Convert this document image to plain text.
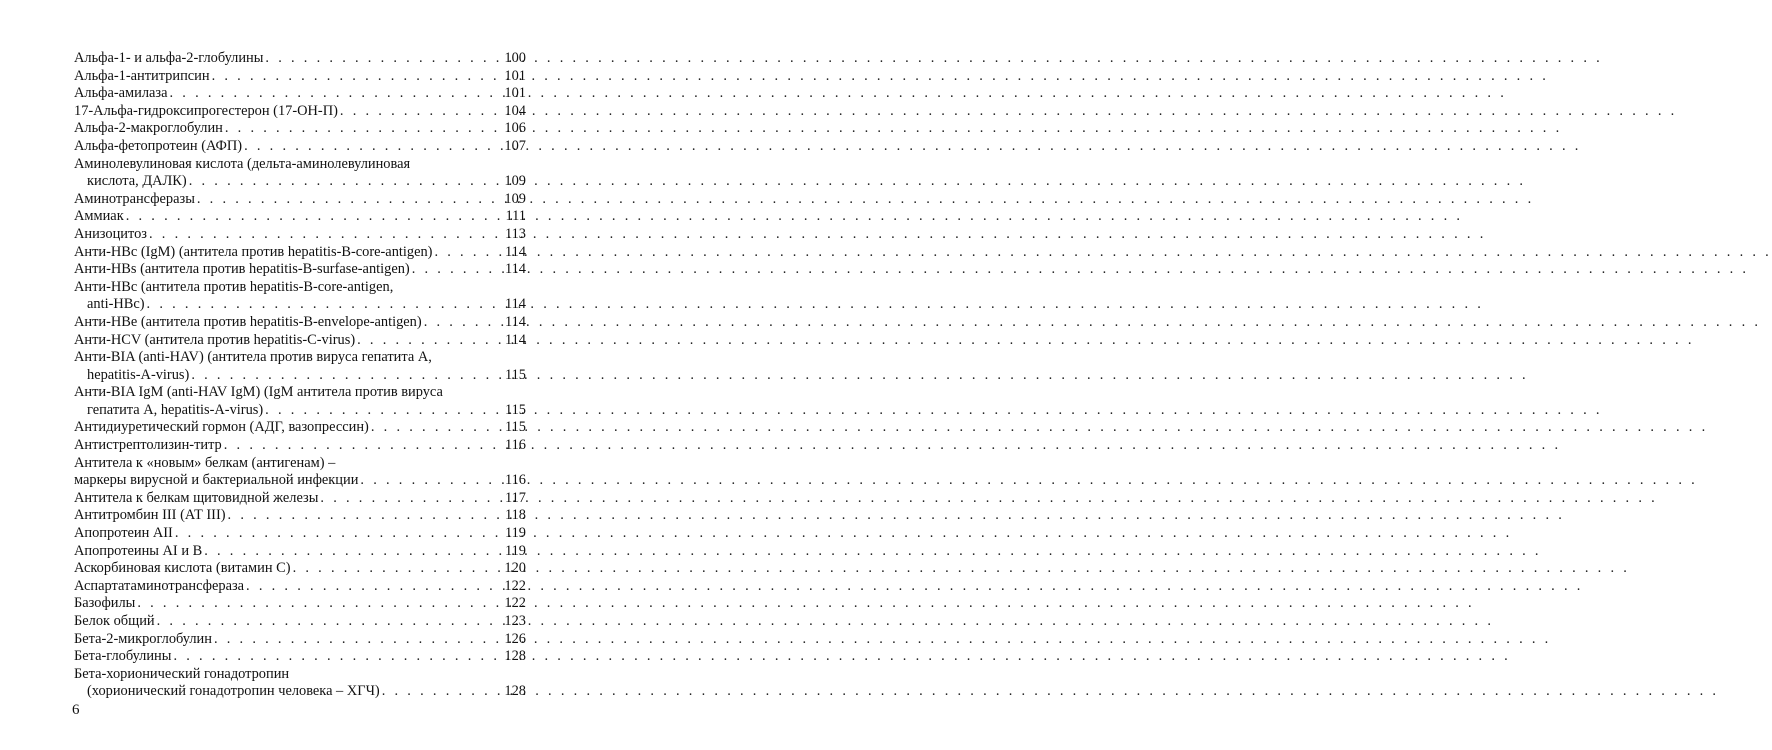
Альфа-1- и альфа-2-глобулины . . .	100
Альфа-1-антитрипсин . . .	101
Альфа-амилаза . . .	101
17-Альфа-гидроксипрогестерон (17-ОН-П) . . .	104
Альфа-2-макроглобулин . . .	106
Альфа-фетопротеин (АФП) . . .	107
Аминолевулиновая кислота (дельта-аминолевулиновая
кислота, ДАЛК) . . .	109
Аминотрансферазы . . .	109
Аммиак . . .	111
Анизоцитоз . . .	113
Анти-HBc (IgM) (антитела против hepatitis-B-core-antigen) . . .	114
Анти-HBs (антитела против hepatitis-B-surfase-antigen) . . .	114
Анти-HBc (антитела против hepatitis-B-core-antigen,
anti-HBc) . . .	114
Анти-HBe (антитела против hepatitis-B-envelope-antigen) . . .	114
Анти-HCV (антитела против hepatitis-C-virus) . . .	114
Анти-BIA (anti-HAV) (антитела против вируса гепатита А,
hepatitis-A-virus) . . .	115
Анти-BIA IgM (anti-HAV IgM) (IgM антитела против вируса
гепатита А, hepatitis-A-virus) . . .	115
Антидиуретический гормон (АДГ, вазопрессин) . . .	115
Антистрептолизин-титр . . .	116
Антитела к «новым» белкам (антигенам) –
маркеры вирусной и бактериальной инфекции . . .	116
Антитела к белкам щитовидной железы . . .	117
Антитромбин III (АТ III) . . .	118
Апопротеин AII . . .	119
Апопротеины AI и B . . .	119
Аскорбиновая кислота (витамин С) . . .	120
Аспартатаминотрансфераза . . .	122
Базофилы . . .	122
Белок общий . . .	123
Бета-2-микроглобулин . . .	126
Бета-глобулины . . .	128
Бета-хорионический гонадотропин
(хорионический гонадотропин человека – ХГЧ) . . .	128
6
